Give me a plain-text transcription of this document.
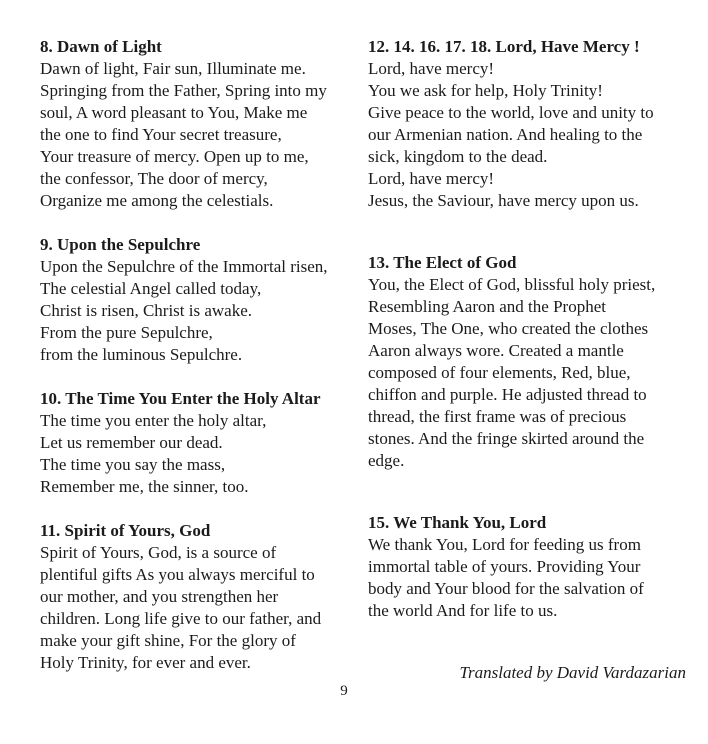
8. Dawn of Light
Dawn of light, Fair sun, Illuminate me.
Springing from the Father, Spring into my
soul, A word pleasant to You, Make me
the one to find Your secret treasure,
Your treasure of mercy. Open up to me,
the confessor, The door of mercy,
Organize me among the celestials.
9. Upon the Sepulchre
Upon the Sepulchre of the Immortal risen,
The celestial Angel called today,
Christ is risen, Christ is awake.
From the pure Sepulchre,
from the luminous Sepulchre.
10. The Time You Enter the Holy Altar
The time you enter the holy altar,
Let us remember our dead.
The time you say the mass,
Remember me, the sinner, too.
11. Spirit of Yours, God
Spirit of Yours, God, is a source of
plentiful gifts As you always merciful to
our mother, and you strengthen her
children. Long life give to our father, and
make your gift shine, For the glory of
Holy Trinity, for ever and ever.
12. 14. 16. 17. 18. Lord, Have Mercy !
Lord, have mercy!
You we ask for help, Holy Trinity!
Give peace to the world, love and unity to
our Armenian nation. And healing to the
sick, kingdom to the dead.
Lord, have mercy!
Jesus, the Saviour, have mercy upon us.
13. The Elect of God
You, the Elect of God, blissful holy priest,
Resembling Aaron and the Prophet
Moses, The One, who created the clothes
Aaron always wore. Created a mantle
composed of four elements, Red, blue,
chiffon and purple. He adjusted thread to
thread, the first frame was of precious
stones. And the fringe skirted around the
edge.
15. We Thank You, Lord
We thank You, Lord for feeding us from
immortal table of yours. Providing Your
body and Your blood for the salvation of
the world And for life to us.
Translated by David Vardazarian
9
